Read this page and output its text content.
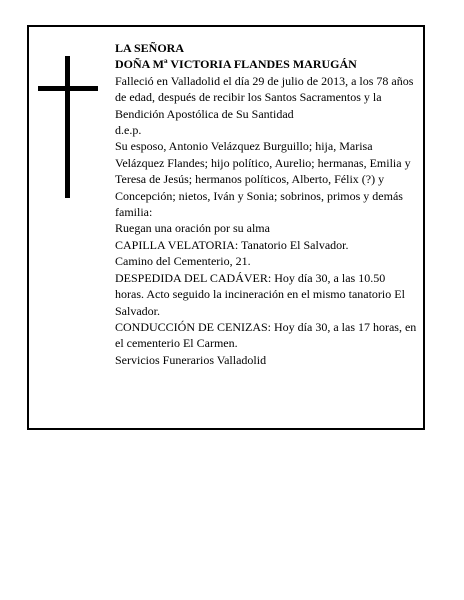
LA SEÑORA

DOÑA Mª VICTORIA FLANDES MARUGÁN

Falleció en Valladolid el día 29 de julio de 2013, a los 78 años de edad, después de recibir los Santos Sacramentos y la Bendición Apostólica de Su Santidad

d.e.p.

Su esposo, Antonio Velázquez Burguillo; hija, Marisa Velázquez Flandes; hijo político, Aurelio; hermanas, Emilia y Teresa de Jesús; hermanos políticos, Alberto, Félix (?) y Concepción; nietos, Iván y Sonia; sobrinos, primos y demás familia:

Ruegan una oración por su alma

CAPILLA VELATORIA: Tanatorio El Salvador.

Camino del Cementerio, 21.

DESPEDIDA DEL CADÁVER: Hoy día 30, a las 10.50 horas. Acto seguido la incineración en el mismo tanatorio El Salvador.

CONDUCCIÓN DE CENIZAS: Hoy día 30, a las 17 horas, en el cementerio El Carmen.

Servicios Funerarios Valladolid
